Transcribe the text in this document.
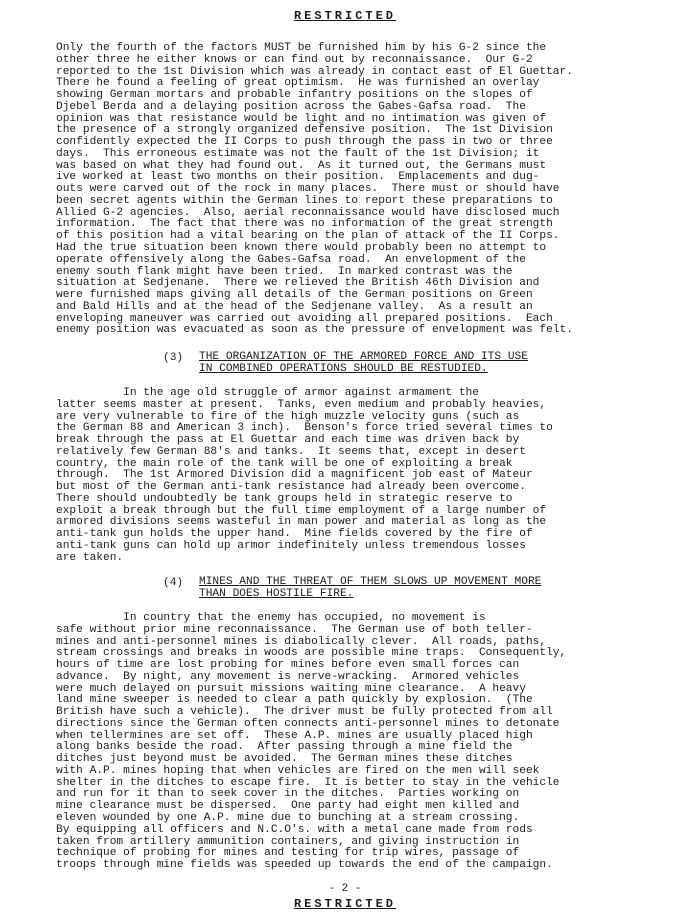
RESTRICTED
Only the fourth of the factors MUST be furnished him by his G-2 since the
other three he either knows or can find out by reconnaissance.  Our G-2
reported to the 1st Division which was already in contact east of El Guettar.
There he found a feeling of great optimism.  He was furnished an overlay
showing German mortars and probable infantry positions on the slopes of
Djebel Berda and a delaying position across the Gabes-Gafsa road.  The
opinion was that resistance would be light and no intimation was given of
the presence of a strongly organized defensive position.  The 1st Division
confidently expected the II Corps to push through the pass in two or three
days.  This erroneous estimate was not the fault of the 1st Division; it
was based on what they had found out.  As it turned out, the Germans must
ive worked at least two months on their position.  Emplacements and dug-
outs were carved out of the rock in many places.  There must or should have
been secret agents within the German lines to report these preparations to
Allied G-2 agencies.  Also, aerial reconnaissance would have disclosed much
information.  The fact that there was no information of the great strength
of this position had a vital bearing on the plan of attack of the II Corps.
Had the true situation been known there would probably been no attempt to
operate offensively along the Gabes-Gafsa road.  An envelopment of the
enemy south flank might have been tried.  In marked contrast was the
situation at Sedjenane.  There we relieved the British 46th Division and
were furnished maps giving all details of the German positions on Green
and Bald Hills and at the head of the Sedjenane valley.  As a result an
enveloping maneuver was carried out avoiding all prepared positions.  Each
enemy position was evacuated as soon as the pressure of envelopment was felt.
(3) THE ORGANIZATION OF THE ARMORED FORCE AND ITS USE
IN COMBINED OPERATIONS SHOULD BE RESTUDIED.
In the age old struggle of armor against armament the
latter seems master at present.  Tanks, even medium and probably heavies,
are very vulnerable to fire of the high muzzle velocity guns (such as
the German 88 and American 3 inch).  Benson's force tried several times to
break through the pass at El Guettar and each time was driven back by
relatively few German 88's and tanks.  It seems that, except in desert
country, the main role of the tank will be one of exploiting a break
through.  The 1st Armored Division did a magnificent job east of Mateur
but most of the German anti-tank resistance had already been overcome.
There should undoubtedly be tank groups held in strategic reserve to
exploit a break through but the full time employment of a large number of
armored divisions seems wasteful in man power and material as long as the
anti-tank gun holds the upper hand.  Mine fields covered by the fire of
anti-tank guns can hold up armor indefinitely unless tremendous losses
are taken.
(4) MINES AND THE THREAT OF THEM SLOWS UP MOVEMENT MORE
THAN DOES HOSTILE FIRE.
In country that the enemy has occupied, no movement is
safe without prior mine reconnaissance.  The German use of both teller-
mines and anti-personnel mines is diabolically clever.  All roads, paths,
stream crossings and breaks in woods are possible mine traps.  Consequently,
hours of time are lost probing for mines before even small forces can
advance.  By night, any movement is nerve-wracking.  Armored vehicles
were much delayed on pursuit missions waiting mine clearance.  A heavy
land mine sweeper is needed to clear a path quickly by explosion.  (The
British have such a vehicle).  The driver must be fully protected from all
directions since the German often connects anti-personnel mines to detonate
when tellermines are set off.  These A.P. mines are usually placed high
along banks beside the road.  After passing through a mine field the
ditches just beyond must be avoided.  The German mines these ditches
with A.P. mines hoping that when vehicles are fired on the men will seek
shelter in the ditches to escape fire.  It is better to stay in the vehicle
and run for it than to seek cover in the ditches.  Parties working on
mine clearance must be dispersed.  One party had eight men killed and
eleven wounded by one A.P. mine due to bunching at a stream crossing.
By equipping all officers and N.C.O's. with a metal cane made from rods
taken from artillery ammunition containers, and giving instruction in
technique of probing for mines and testing for trip wires, passage of
troops through mine fields was speeded up towards the end of the campaign.
- 2 -
RESTRICTED
